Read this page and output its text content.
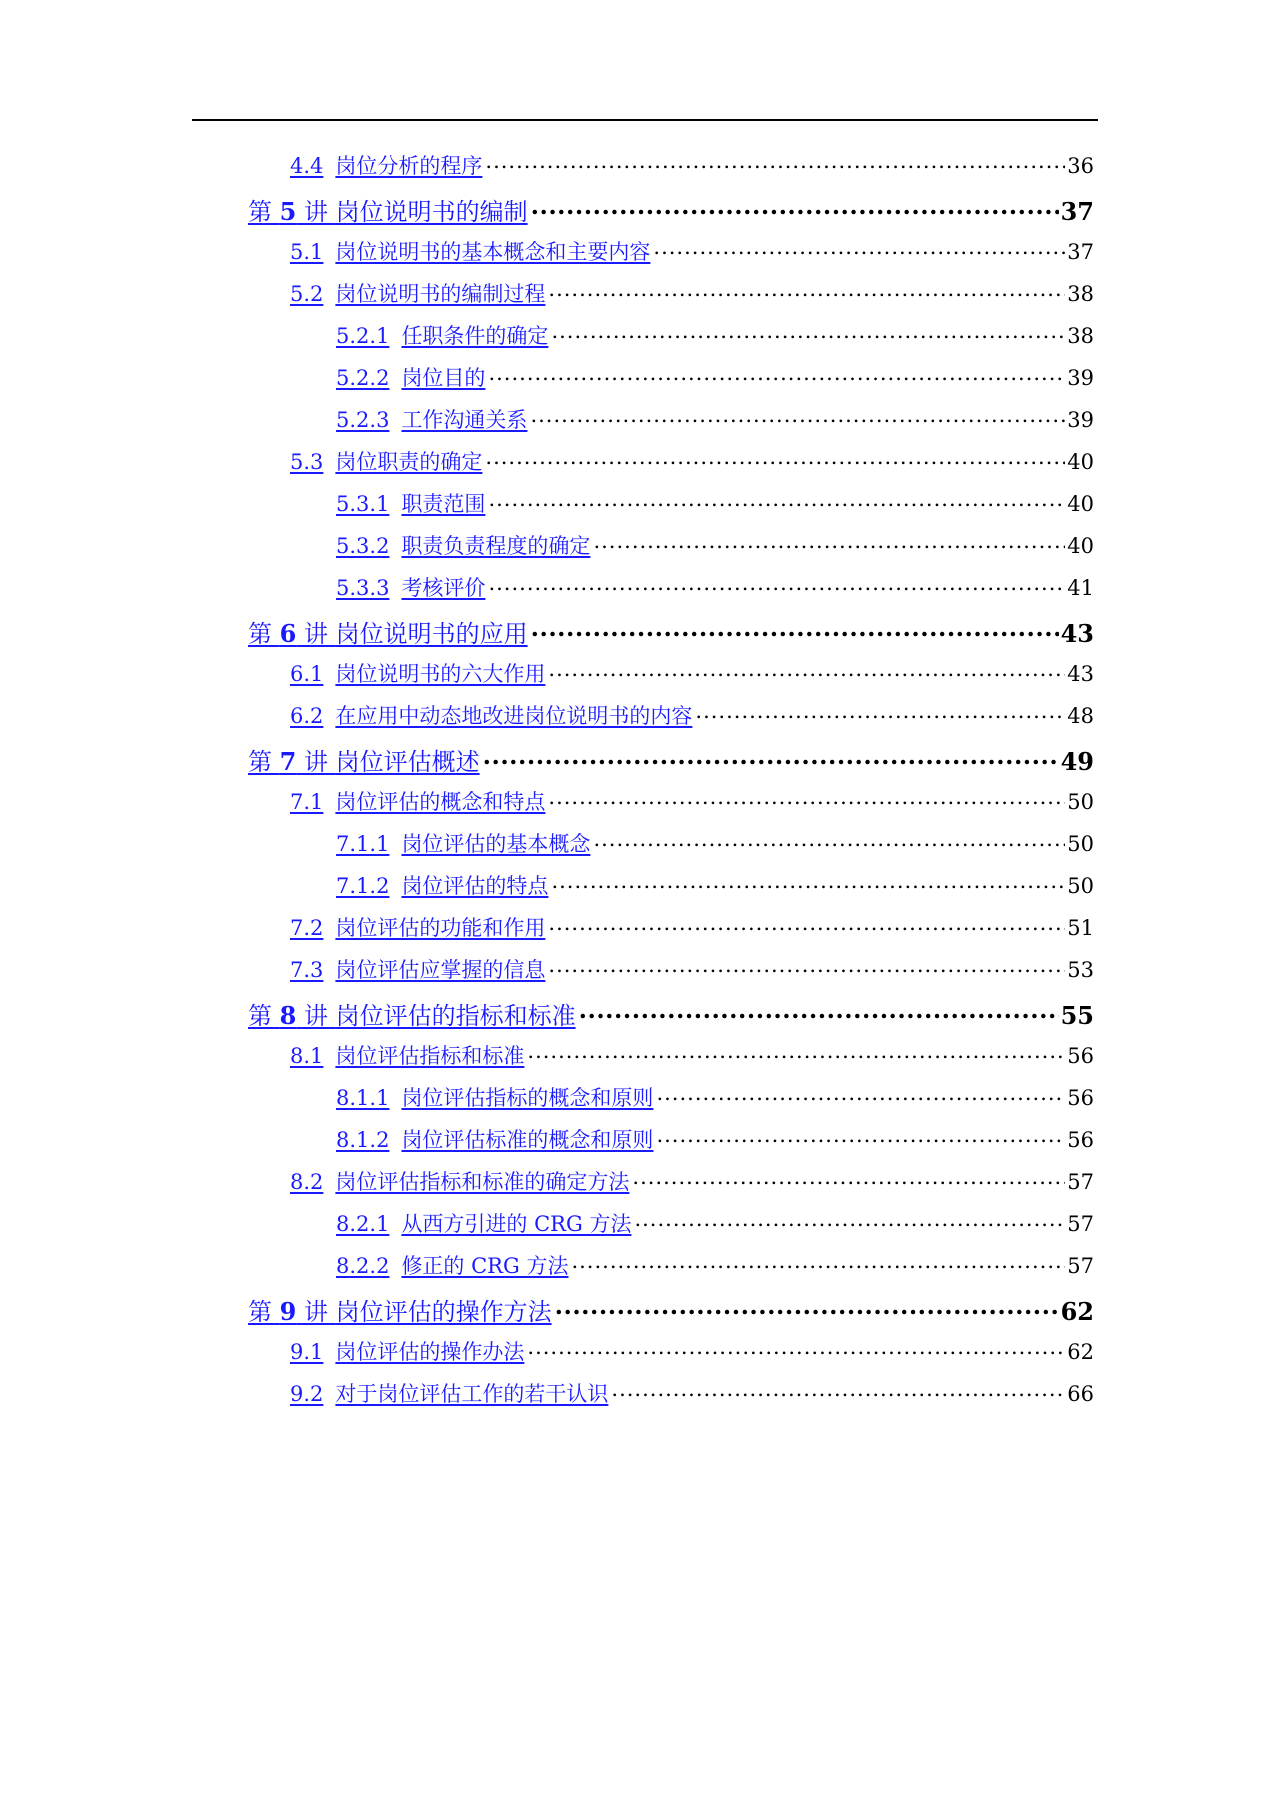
4.4 岗位分析的程序 .....	36
第 5 讲 岗位说明书的编制 .....	37
5.1 岗位说明书的基本概念和主要内容 .....	37
5.2 岗位说明书的编制过程 .....	38
5.2.1 任职条件的确定 .....	38
5.2.2 岗位目的 .....	39
5.2.3 工作沟通关系 .....	39
5.3 岗位职责的确定 .....	40
5.3.1 职责范围 .....	40
5.3.2 职责负责程度的确定 .....	40
5.3.3 考核评价 .....	41
第 6 讲 岗位说明书的应用 .....	43
6.1 岗位说明书的六大作用 .....	43
6.2 在应用中动态地改进岗位说明书的内容 .....	48
第 7 讲 岗位评估概述 .....	49
7.1 岗位评估的概念和特点 .....	50
7.1.1 岗位评估的基本概念 .....	50
7.1.2 岗位评估的特点 .....	50
7.2 岗位评估的功能和作用 .....	51
7.3 岗位评估应掌握的信息 .....	53
第 8 讲 岗位评估的指标和标准 .....	55
8.1 岗位评估指标和标准 .....	56
8.1.1 岗位评估指标的概念和原则 .....	56
8.1.2 岗位评估标准的概念和原则 .....	56
8.2 岗位评估指标和标准的确定方法 .....	57
8.2.1 从西方引进的 CRG 方法 .....	57
8.2.2 修正的 CRG 方法 .....	57
第 9 讲 岗位评估的操作方法 .....	62
9.1 岗位评估的操作办法 .....	62
9.2 对于岗位评估工作的若干认识 .....	66
